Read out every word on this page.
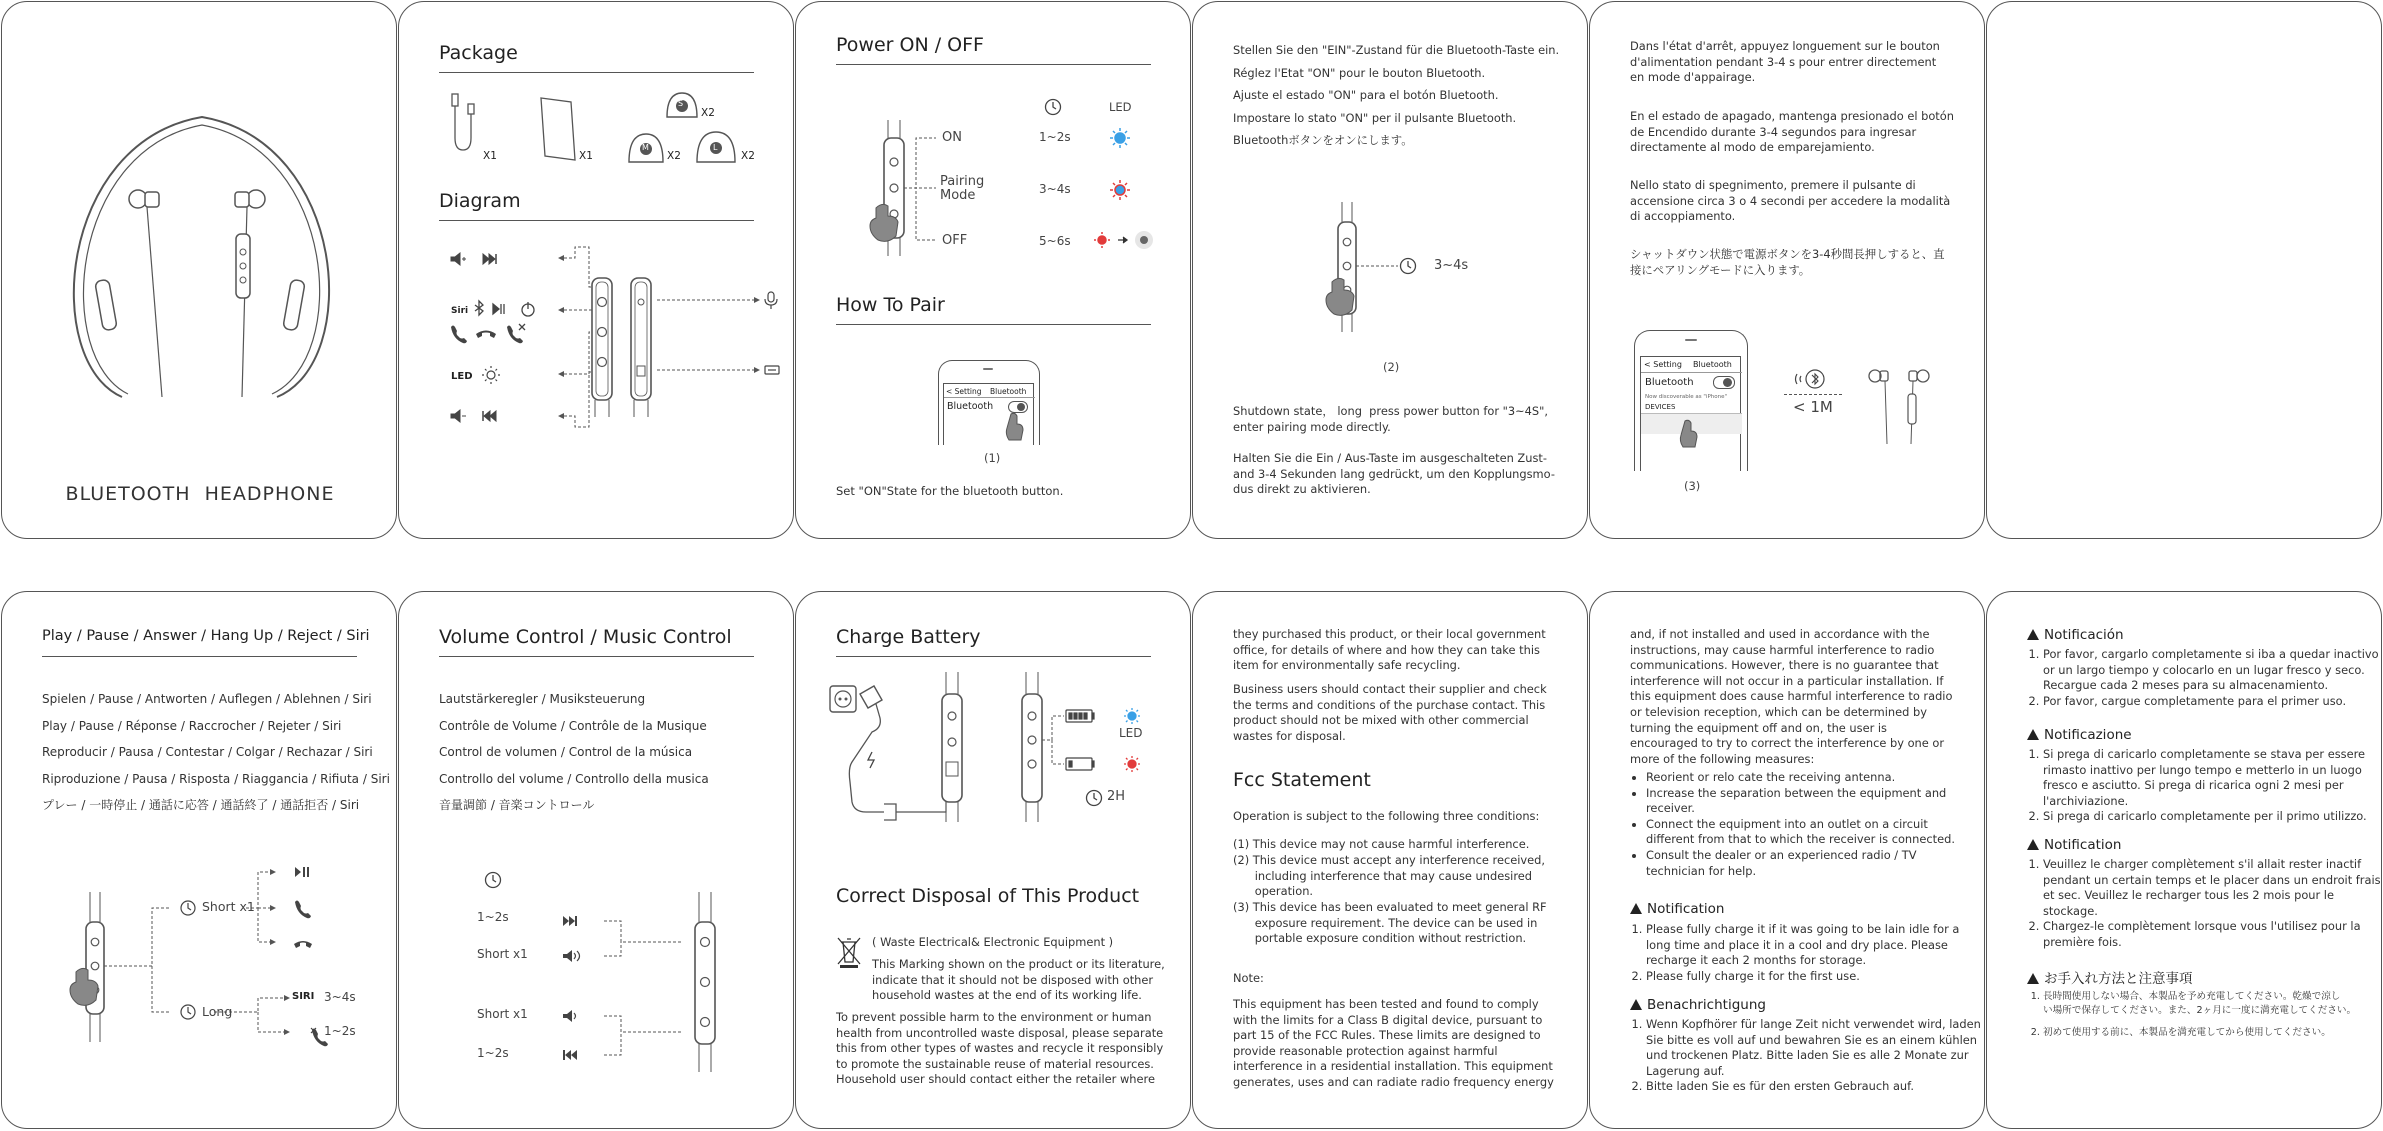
BLUETOOTH  HEADPHONE
Package
X1	X1
S
X2
M
X2
L
X2
Diagram
Siri
LED
Power ON / OFF
LED
ON
Pairing
Mode
OFF
1~2s
3~4s
5~6s
How To Pair
< Setting Bluetooth
Bluetooth
(1)
Set "ON"State for the bluetooth button.
Stellen Sie den "EIN"-Zustand für die Bluetooth-Taste ein.
Réglez l'Etat "ON" pour le bouton Bluetooth.
Ajuste el estado "ON" para el botón Bluetooth.
Impostare lo stato "ON" per il pulsante Bluetooth.
Bluetoothボタンをオンにします。
3~4s
(2)
Shutdown state， long  press power button for "3~4S",
enter pairing mode directly.
Halten Sie die Ein / Aus-Taste im ausgeschalteten Zust-
and 3-4 Sekunden lang gedrückt, um den Kopplungsmo-
dus direkt zu aktivieren.
Dans l'état d'arrêt, appuyez longuement sur le bouton
d'alimentation pendant 3-4 s pour entrer directement
en mode d'appairage.
En el estado de apagado, mantenga presionado el botón
de Encendido durante 3-4 segundos para ingresar
directamente al modo de emparejamiento.
Nello stato di spegnimento, premere il pulsante di
accensione circa 3 o 4 secondi per accedere la modalità
di accoppiamento.
シャットダウン状態で電源ボタンを3-4秒間長押しすると、直
接にペアリングモードに入ります。
< Setting Bluetooth
Bluetooth
Now discoverable as "iPhone"
DEVICES	< 1M
(3)
Play / Pause / Answer / Hang Up / Reject / Siri
Spielen / Pause / Antworten / Auflegen / Ablehnen / Siri
Play / Pause / Réponse / Raccrocher / Rejeter / Siri
Reproducir / Pausa / Contestar / Colgar / Rechazar / Siri
Riproduzione / Pausa / Risposta / Riaggancia / Rifiuta / Siri
プレー / 一時停止 / 通話に応答 / 通話終了 / 通話拒否 / Siri
Short x1
Long
SIRI 3~4s
1~2s
Volume Control / Music Control
Lautstärkeregler / Musiksteuerung
Contrôle de Volume / Contrôle de la Musique
Control de volumen / Control de la música
Controllo del volume / Controllo della musica
音量調節 / 音楽コントロール
1~2s
Short x1
Short x1
1~2s
Charge Battery
LED
2H
Correct Disposal of This Product
( Waste Electrical& Electronic Equipment )
This Marking shown on the product or its literature,
indicate that it should not be disposed with other
household wastes at the end of its working life.
To prevent possible harm to the environment or human
health from uncontrolled waste disposal, please separate
this from other types of wastes and recycle it responsibly
to promote the sustainable reuse of material resources.
Household user should contact either the retailer where
they purchased this product, or their local government
office, for details of where and how they can take this
item for environmentally safe recycling.
Business users should contact their supplier and check
the terms and conditions of the purchase contact. This
product should not be mixed with other commercial
wastes for disposal.
Fcc Statement
Operation is subject to the following three conditions:
(1) This device may not cause harmful interference.
(2) This device must accept any interference received,
including interference that may cause undesired
operation.
(3) This device has been evaluated to meet general RF
exposure requirement. The device can be used in
portable exposure condition without restriction.
Note:
This equipment has been tested and found to comply
with the limits for a Class B digital device, pursuant to
part 15 of the FCC Rules. These limits are designed to
provide reasonable protection against harmful
interference in a residential installation. This equipment
generates, uses and can radiate radio frequency energy
and, if not installed and used in accordance with the
instructions, may cause harmful interference to radio
communications. However, there is no guarantee that
interference will not occur in a particular installation. If
this equipment does cause harmful interference to radio
or television reception, which can be determined by
turning the equipment off and on, the user is
encouraged to try to correct the interference by one or
more of the following measures:
• Reorient or relo cate the receiving antenna.
• Increase the separation between the equipment and
receiver.
• Connect the equipment into an outlet on a circuit
different from that to which the receiver is connected.
• Consult the dealer or an experienced radio / TV
technician for help.
Notification
1. Please fully charge it if it was going to be lain idle for a
long time and place it in a cool and dry place. Please
recharge it each 2 months for storage.
2. Please fully charge it for the first use.
Benachrichtigung
1. Wenn Kopfhörer für lange Zeit nicht verwendet wird, laden
Sie bitte es voll auf und bewahren Sie es an einem kühlen
und trockenen Platz. Bitte laden Sie es alle 2 Monate zur
Lagerung auf.
2. Bitte laden Sie es für den ersten Gebrauch auf.
Notificación
1. Por favor, cargarlo completamente si iba a quedar inactivo
or un largo tiempo y colocarlo en un lugar fresco y seco.
Recargue cada 2 meses para su almacenamiento.
2. Por favor, cargue completamente para el primer uso.
Notificazione
1. Si prega di caricarlo completamente se stava per essere
rimasto inattivo per lungo tempo e metterlo in un luogo
fresco e asciutto. Si prega di ricarica ogni 2 mesi per
l'archiviazione.
2. Si prega di caricarlo completamente per il primo utilizzo.
Notification
1. Veuillez le charger complètement s'il allait rester inactif
pendant un certain temps et le placer dans un endroit frais
et sec. Veuillez le recharger tous les 2 mois pour le
stockage.
2. Chargez-le complètement lorsque vous l'utilisez pour la
première fois.
お手入れ方法と注意事項
1. 長時間使用しない場合、本製品を予め充電してください。乾燥で涼し
い場所で保存してください。また、2ヶ月に一度に満充電してください。
2. 初めて使用する前に、本製品を満充電してから使用してください。
